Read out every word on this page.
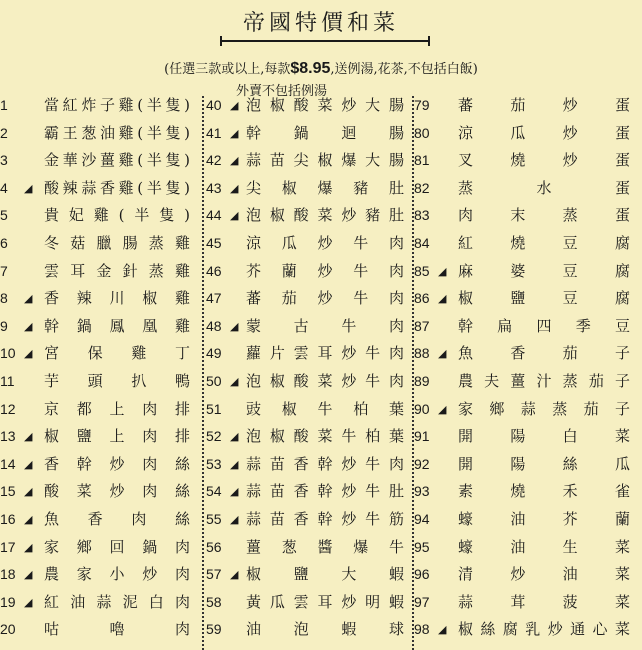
帝國特價和菜
(任選三款或以上,每款$8.95,送例湯,花茶,不包括白飯)
外賣不包括例湯
1	當紅炸子雞(半隻)
2	霸王葱油雞(半隻)
3	金華沙薑雞(半隻)
4	◢ 酸辣蒜香雞(半隻)
5	貴妃雞(半隻)
6	冬菇臘腸蒸雞
7	雲耳金針蒸雞
8	◢ 香辣川椒雞
9	◢ 幹鍋鳳凰雞
10 ◢ 宮保雞丁
11	芋頭扒鴨
12	京都上肉排
13 ◢ 椒鹽上肉排
14 ◢ 香幹炒肉絲
15 ◢ 酸菜炒肉絲
16 ◢ 魚香肉絲
17 ◢ 家鄉回鍋肉
18 ◢ 農家小炒肉
19 ◢ 紅油蒜泥白肉
20	咕嚕肉
40 ◢ 泡椒酸菜炒大腸
41 ◢ 幹鍋迴腸
42 ◢ 蒜苗尖椒爆大腸
43 ◢ 尖椒爆豬肚
44 ◢ 泡椒酸菜炒豬肚
45	涼瓜炒牛肉
46	芥蘭炒牛肉
47	蕃茄炒牛肉
48 ◢ 蒙古牛肉
49	蘿片雲耳炒牛肉
50 ◢ 泡椒酸菜炒牛肉
51	豉椒牛柏葉
52 ◢ 泡椒酸菜牛柏葉
53 ◢ 蒜苗香幹炒牛肉
54 ◢ 蒜苗香幹炒牛肚
55 ◢ 蒜苗香幹炒牛筋
56	薑葱醬爆牛
57 ◢ 椒鹽大蝦
58	黃瓜雲耳炒明蝦
59	油泡蝦球
79	蕃茄炒蛋
80	涼瓜炒蛋
81	叉燒炒蛋
82	蒸水蛋
83	肉末蒸蛋
84	紅燒豆腐
85 ◢ 麻婆豆腐
86 ◢ 椒鹽豆腐
87	幹扁四季豆
88 ◢ 魚香茄子
89	農夫薑汁蒸茄子
90 ◢ 家鄉蒜蒸茄子
91	開陽白菜
92	開陽絲瓜
93	素燒禾雀
94	蠔油芥蘭
95	蠔油生菜
96	清炒油菜
97	蒜茸菠菜
98 ◢ 椒絲腐乳炒通心菜
